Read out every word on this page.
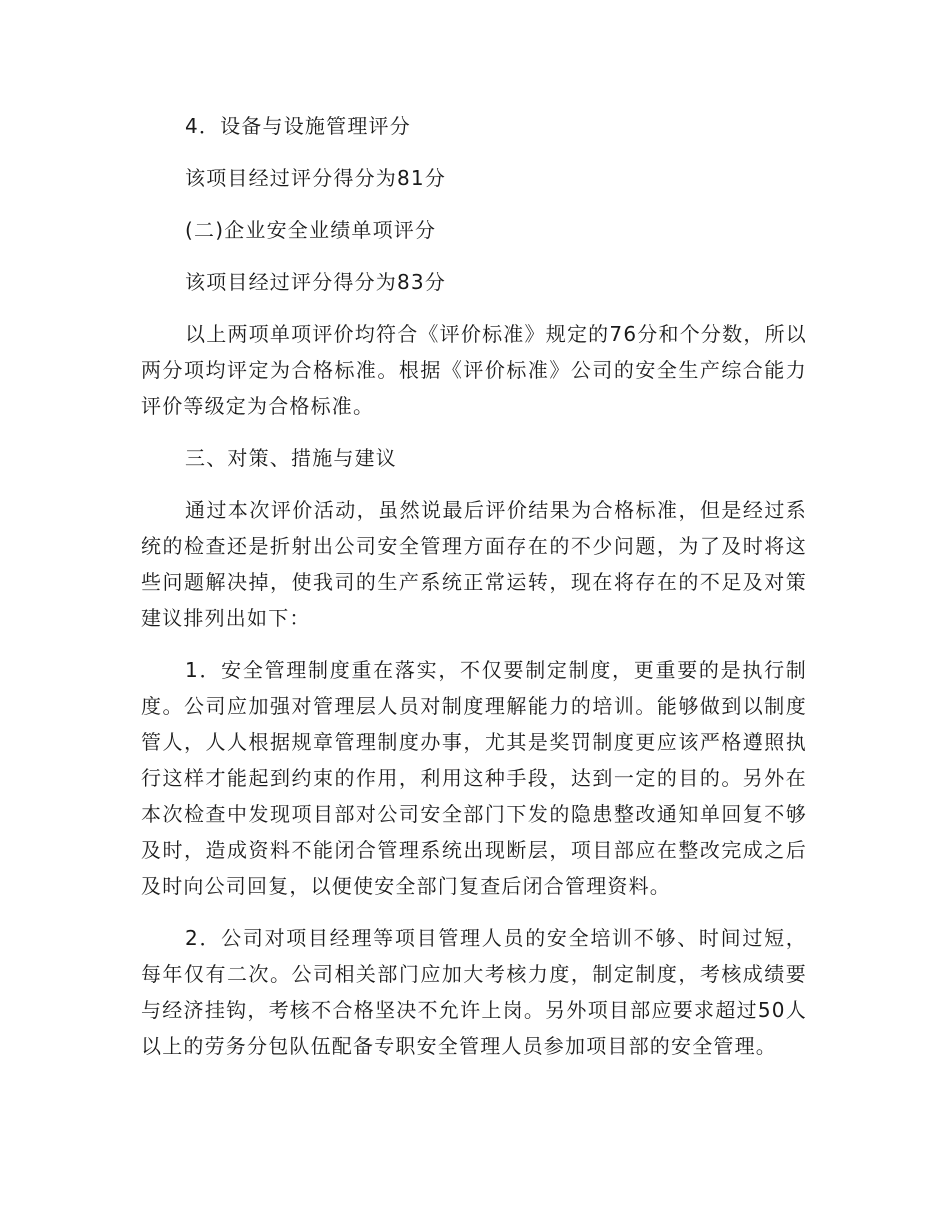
4．设备与设施管理评分

该项目经过评分得分为81分

(二)企业安全业绩单项评分

该项目经过评分得分为83分

以上两项单项评价均符合《评价标准》规定的76分和个分数，所以两分项均评定为合格标准。根据《评价标准》公司的安全生产综合能力评价等级定为合格标准。

三、对策、措施与建议

通过本次评价活动，虽然说最后评价结果为合格标准，但是经过系统的检查还是折射出公司安全管理方面存在的不少问题，为了及时将这些问题解决掉，使我司的生产系统正常运转，现在将存在的不足及对策建议排列出如下：

1．安全管理制度重在落实，不仅要制定制度，更重要的是执行制度。公司应加强对管理层人员对制度理解能力的培训。能够做到以制度管人，人人根据规章管理制度办事，尤其是奖罚制度更应该严格遵照执行这样才能起到约束的作用，利用这种手段，达到一定的目的。另外在本次检查中发现项目部对公司安全部门下发的隐患整改通知单回复不够及时，造成资料不能闭合管理系统出现断层，项目部应在整改完成之后及时向公司回复，以便使安全部门复查后闭合管理资料。

2．公司对项目经理等项目管理人员的安全培训不够、时间过短，每年仅有二次。公司相关部门应加大考核力度，制定制度，考核成绩要与经济挂钩，考核不合格坚决不允许上岗。另外项目部应要求超过50人以上的劳务分包队伍配备专职安全管理人员参加项目部的安全管理。
